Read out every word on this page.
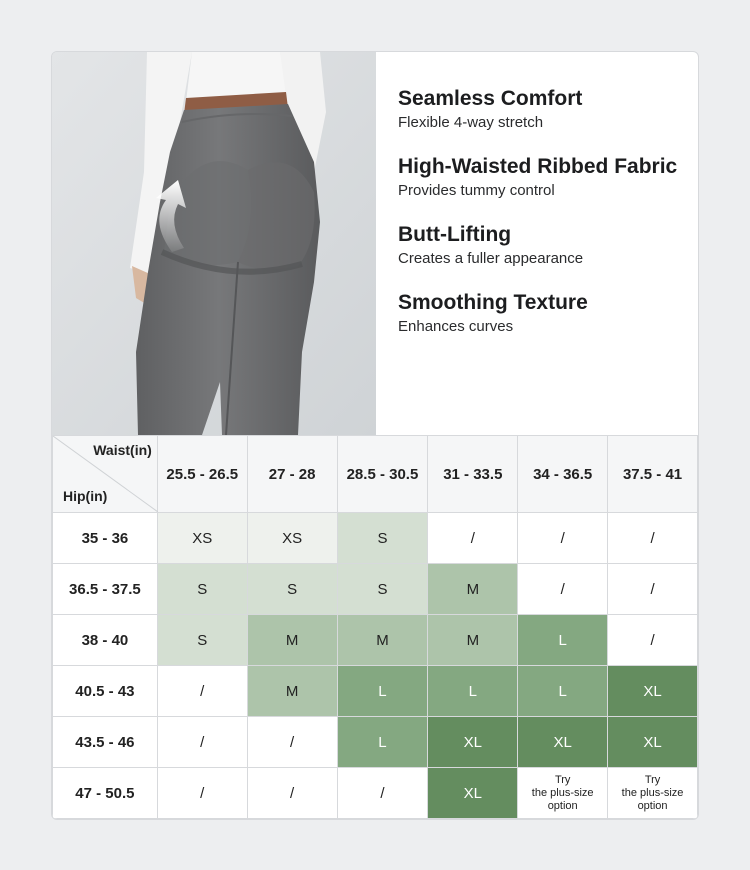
Seamless Comfort
Flexible 4-way stretch
High-Waisted Ribbed Fabric
Provides tummy control
Butt-Lifting
Creates a fuller appearance
Smoothing Texture
Enhances curves
Waist(in)
Hip(in)	25.5 - 26.5	27 - 28	28.5 - 30.5	31 - 33.5	34 - 36.5	37.5 - 41
35 - 36	XS	XS	S	/	/	/
36.5 - 37.5	S	S	S	M	/	/
38 - 40	S	M	M	M	L	/
40.5 - 43	/	M	L	L	L	XL
43.5 - 46	/	/	L	XL	XL	XL
47 - 50.5	/	/	/	XL	Try
the plus-size
option	Try
the plus-size
option
